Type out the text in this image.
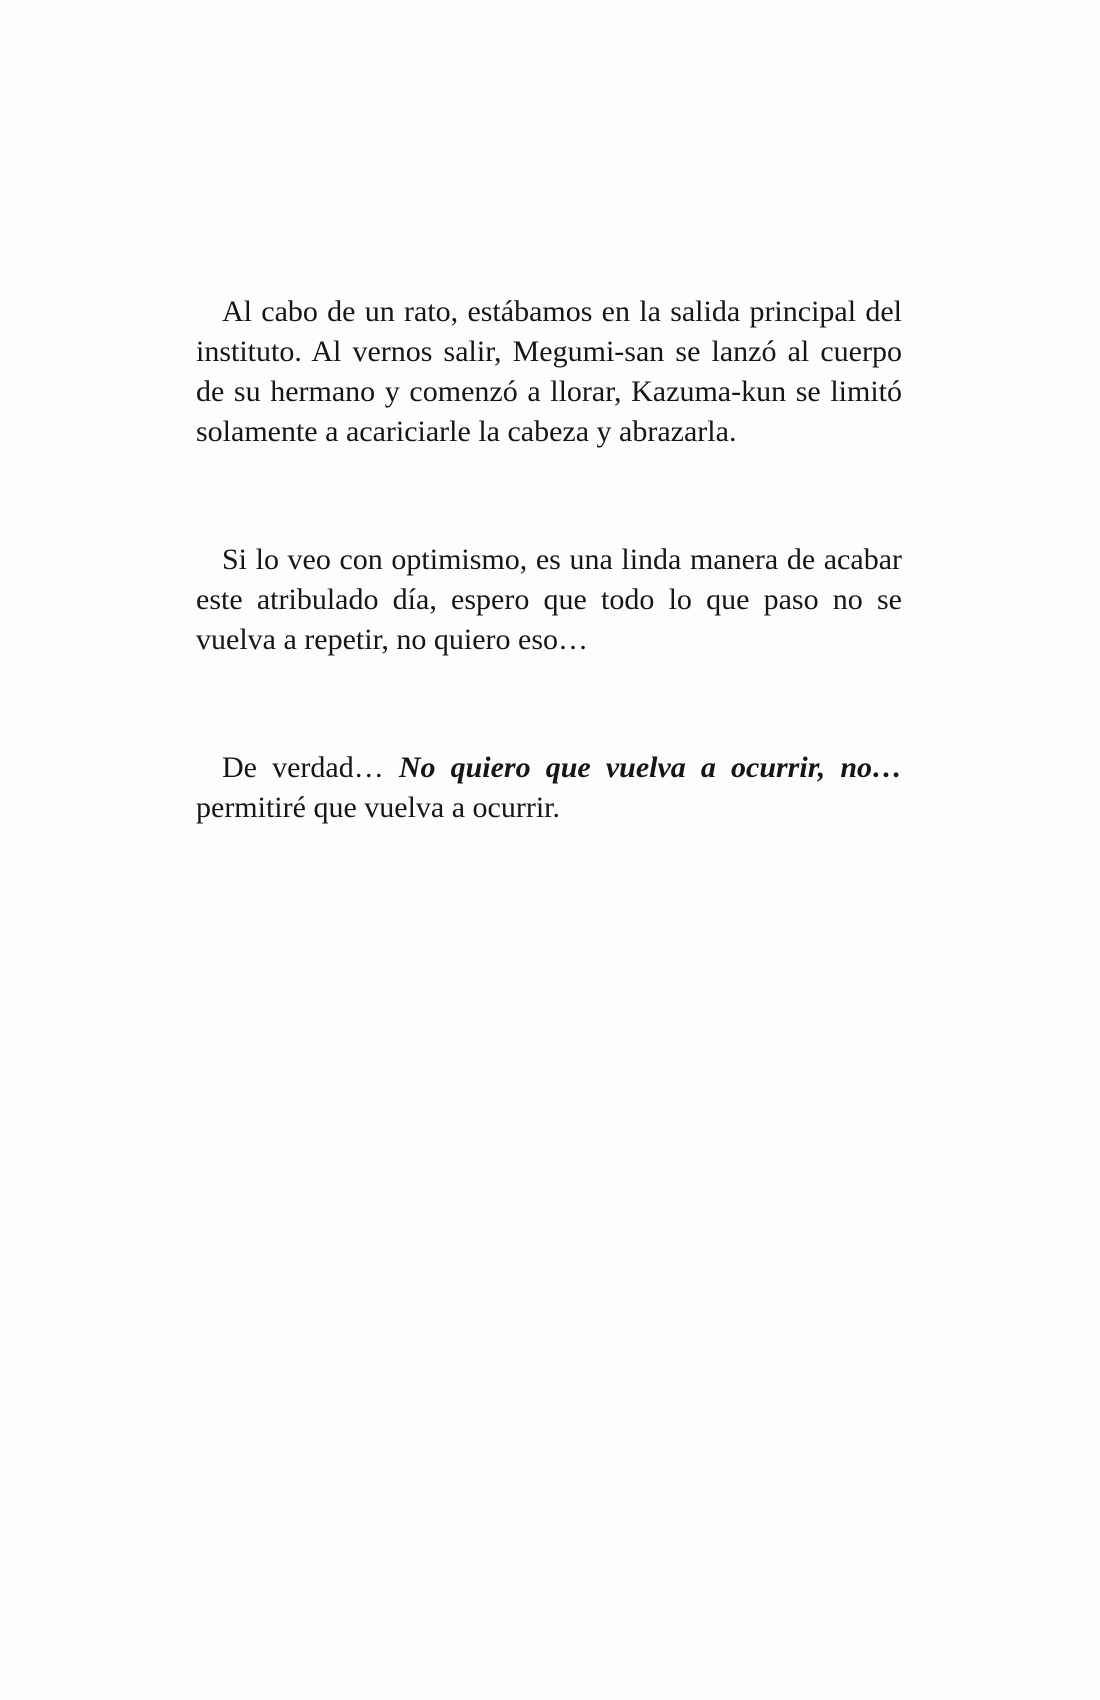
Al cabo de un rato, estábamos en la salida principal del instituto. Al vernos salir, Megumi-san se lanzó al cuerpo de su hermano y comenzó a llorar, Kazuma-kun se limitó solamente a acariciarle la cabeza y abrazarla.

Si lo veo con optimismo, es una linda manera de acabar este atribulado día, espero que todo lo que paso no se vuelva a repetir, no quiero eso…

De verdad… No quiero que vuelva a ocurrir, no… permitiré que vuelva a ocurrir.
